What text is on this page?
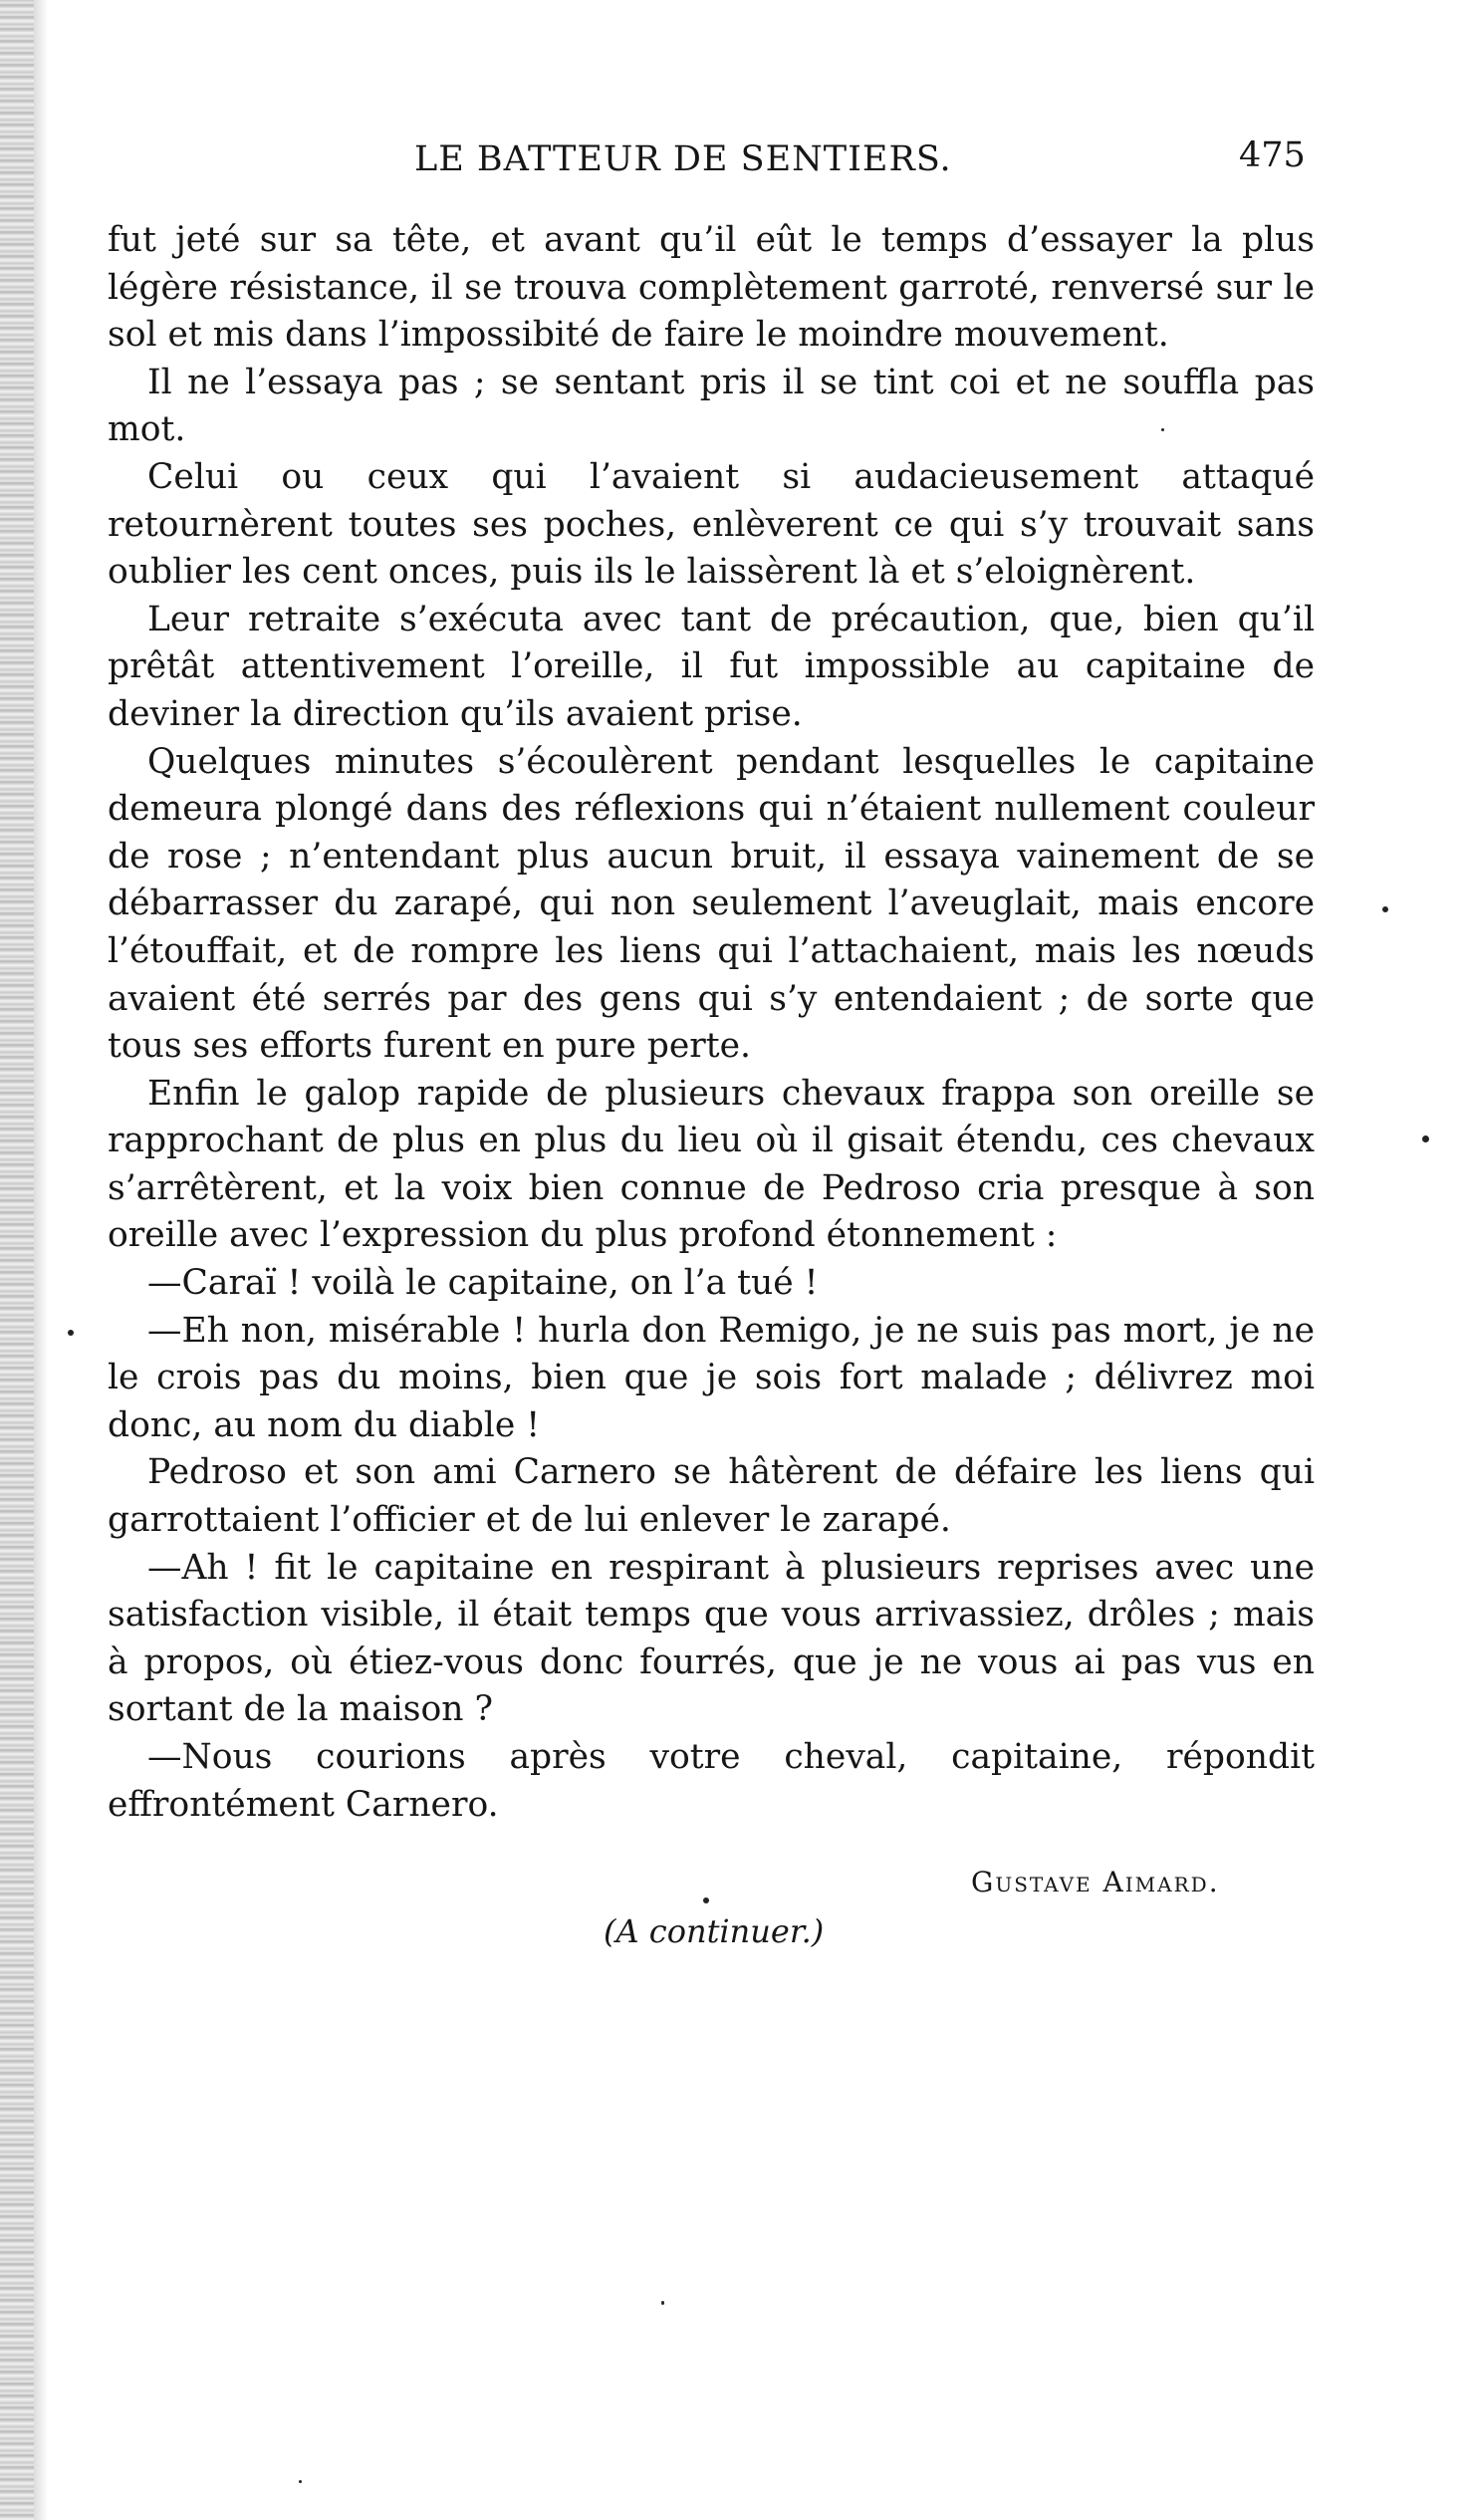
LE BATTEUR DE SENTIERS.	475

fut jeté sur sa tête, et avant qu’il eût le temps d’essayer la plus légère résistance, il se trouva complètement garroté, renversé sur le sol et mis dans l’impossibité de faire le moindre mouvement.

Il ne l’essaya pas ; se sentant pris il se tint coi et ne souffla pas mot.

Celui ou ceux qui l’avaient si audacieusement attaqué retournèrent toutes ses poches, enlèverent ce qui s’y trouvait sans oublier les cent onces, puis ils le laissèrent là et s’eloignèrent.

Leur retraite s’exécuta avec tant de précaution, que, bien qu’il prêtât attentivement l’oreille, il fut impossible au capitaine de deviner la direction qu’ils avaient prise.

Quelques minutes s’écoulèrent pendant lesquelles le capitaine demeura plongé dans des réflexions qui n’étaient nullement couleur de rose ; n’entendant plus aucun bruit, il essaya vainement de se débarrasser du zarapé, qui non seulement l’aveuglait, mais encore l’étouffait, et de rompre les liens qui l’attachaient, mais les nœuds avaient été serrés par des gens qui s’y entendaient ; de sorte que tous ses efforts furent en pure perte.

Enfin le galop rapide de plusieurs chevaux frappa son oreille se rapprochant de plus en plus du lieu où il gisait étendu, ces chevaux s’arrêtèrent, et la voix bien connue de Pedroso cria presque à son oreille avec l’expression du plus profond étonnement :

—Caraï ! voilà le capitaine, on l’a tué !

—Eh non, misérable ! hurla don Remigo, je ne suis pas mort, je ne le crois pas du moins, bien que je sois fort malade ; délivrez moi donc, au nom du diable !

Pedroso et son ami Carnero se hâtèrent de défaire les liens qui garrottaient l’officier et de lui enlever le zarapé.

—Ah ! fit le capitaine en respirant à plusieurs reprises avec une satisfaction visible, il était temps que vous arrivassiez, drôles ; mais à propos, où étiez-vous donc fourrés, que je ne vous ai pas vus en sortant de la maison ?

—Nous courions après votre cheval, capitaine, répondit effrontément Carnero.

Gustave Aimard.
(A continuer.)
